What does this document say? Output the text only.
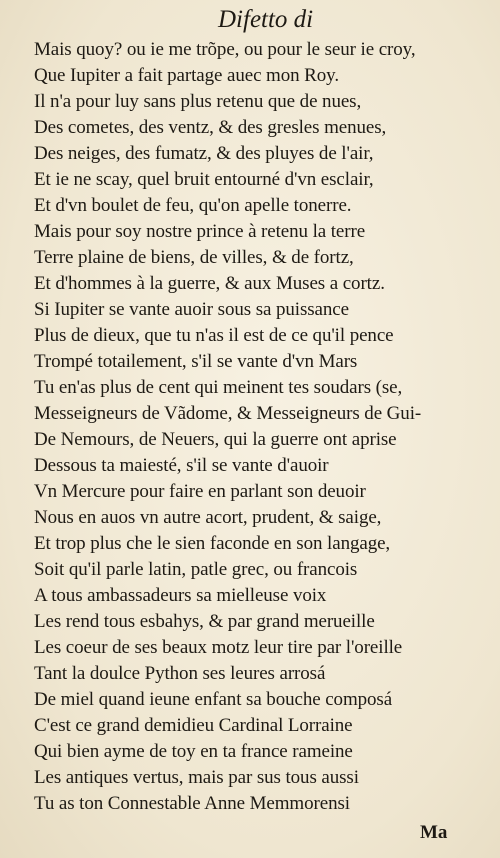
Difetto di
Mais quoy? ou ie me trõpe, ou pour le seur ie croy,
Que Iupiter a fait partage auec mon Roy.
Il n'a pour luy sans plus retenu que de nues,
Des cometes, des ventz, & des gresles menues,
Des neiges, des fumatz, & des pluyes de l'air,
Et ie ne scay, quel bruit entourné d'vn esclair,
Et d'vn boulet de feu, qu'on apelle tonerre.
Mais pour soy nostre prince à retenu la terre
Terre plaine de biens, de villes, & de fortz,
Et d'hommes à la guerre, & aux Muses a cortz.
Si Iupiter se vante auoir sous sa puissance
Plus de dieux, que tu n'as il est de ce qu'il pence
Trompé totailement, s'il se vante d'vn Mars
Tu en'as plus de cent qui meinent tes soudars (se,
Messeigneurs de Vãdome, & Messeigneurs de Gui-
De Nemours, de Neuers, qui la guerre ont aprise
Dessous ta maiesté, s'il se vante d'auoir
Vn Mercure pour faire en parlant son deuoir
Nous en auos vn autre acort, prudent, & saige,
Et trop plus che le sien faconde en son langage,
Soit qu'il parle latin, patle grec, ou francois
A tous ambassadeurs sa mielleuse voix
Les rend tous esbahys, & par grand merueille
Les coeur de ses beaux motz leur tire par l'oreille
Tant la doulce Python ses leures arrosá
De miel quand ieune enfant sa bouche composá
C'est ce grand demidieu Cardinal Lorraine
Qui bien ayme de toy en ta france rameine
Les antiques vertus, mais par sus tous aussi
Tu as ton Connestable Anne Memmorensi
Ma
